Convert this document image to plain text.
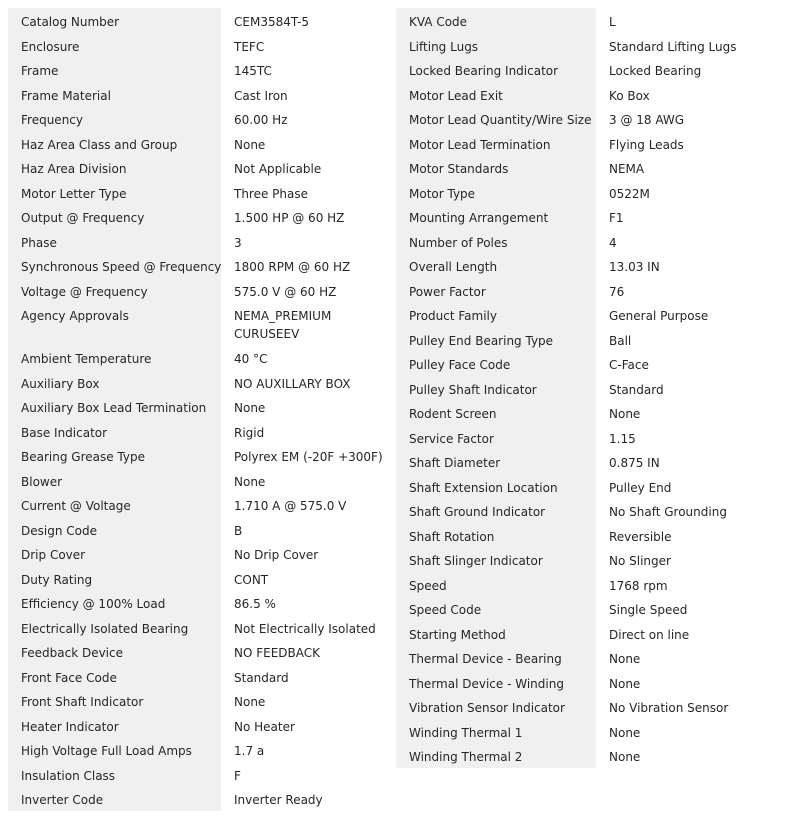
Catalog Number	CEM3584T-5
Enclosure	TEFC
Frame	145TC
Frame Material	Cast Iron
Frequency	60.00 Hz
Haz Area Class and Group	None
Haz Area Division	Not Applicable
Motor Letter Type	Three Phase
Output @ Frequency	1.500 HP @ 60 HZ
Phase	3
Synchronous Speed @ Frequency 1800 RPM @ 60 HZ
Voltage @ Frequency	575.0 V @ 60 HZ
Agency Approvals	NEMA_PREMIUM
CURUSEEV
Ambient Temperature	40 °C
Auxiliary Box	NO AUXILLARY BOX
Auxiliary Box Lead Termination	None
Base Indicator	Rigid
Bearing Grease Type	Polyrex EM (-20F +300F)
Blower	None
Current @ Voltage	1.710 A @ 575.0 V
Design Code	B
Drip Cover	No Drip Cover
Duty Rating	CONT
Efficiency @ 100% Load	86.5 %
Electrically Isolated Bearing	Not Electrically Isolated
Feedback Device	NO FEEDBACK
Front Face Code	Standard
Front Shaft Indicator	None
Heater Indicator	No Heater
High Voltage Full Load Amps	1.7 a
Insulation Class	F
Inverter Code	Inverter Ready
KVA Code	L
Lifting Lugs	Standard Lifting Lugs
Locked Bearing Indicator	Locked Bearing
Motor Lead Exit	Ko Box
Motor Lead Quantity/Wire Size	3 @ 18 AWG
Motor Lead Termination	Flying Leads
Motor Standards	NEMA
Motor Type	0522M
Mounting Arrangement	F1
Number of Poles	4
Overall Length	13.03 IN
Power Factor	76
Product Family	General Purpose
Pulley End Bearing Type	Ball
Pulley Face Code	C-Face
Pulley Shaft Indicator	Standard
Rodent Screen	None
Service Factor	1.15
Shaft Diameter	0.875 IN
Shaft Extension Location	Pulley End
Shaft Ground Indicator	No Shaft Grounding
Shaft Rotation	Reversible
Shaft Slinger Indicator	No Slinger
Speed	1768 rpm
Speed Code	Single Speed
Starting Method	Direct on line
Thermal Device - Bearing	None
Thermal Device - Winding	None
Vibration Sensor Indicator	No Vibration Sensor
Winding Thermal 1	None
Winding Thermal 2	None
